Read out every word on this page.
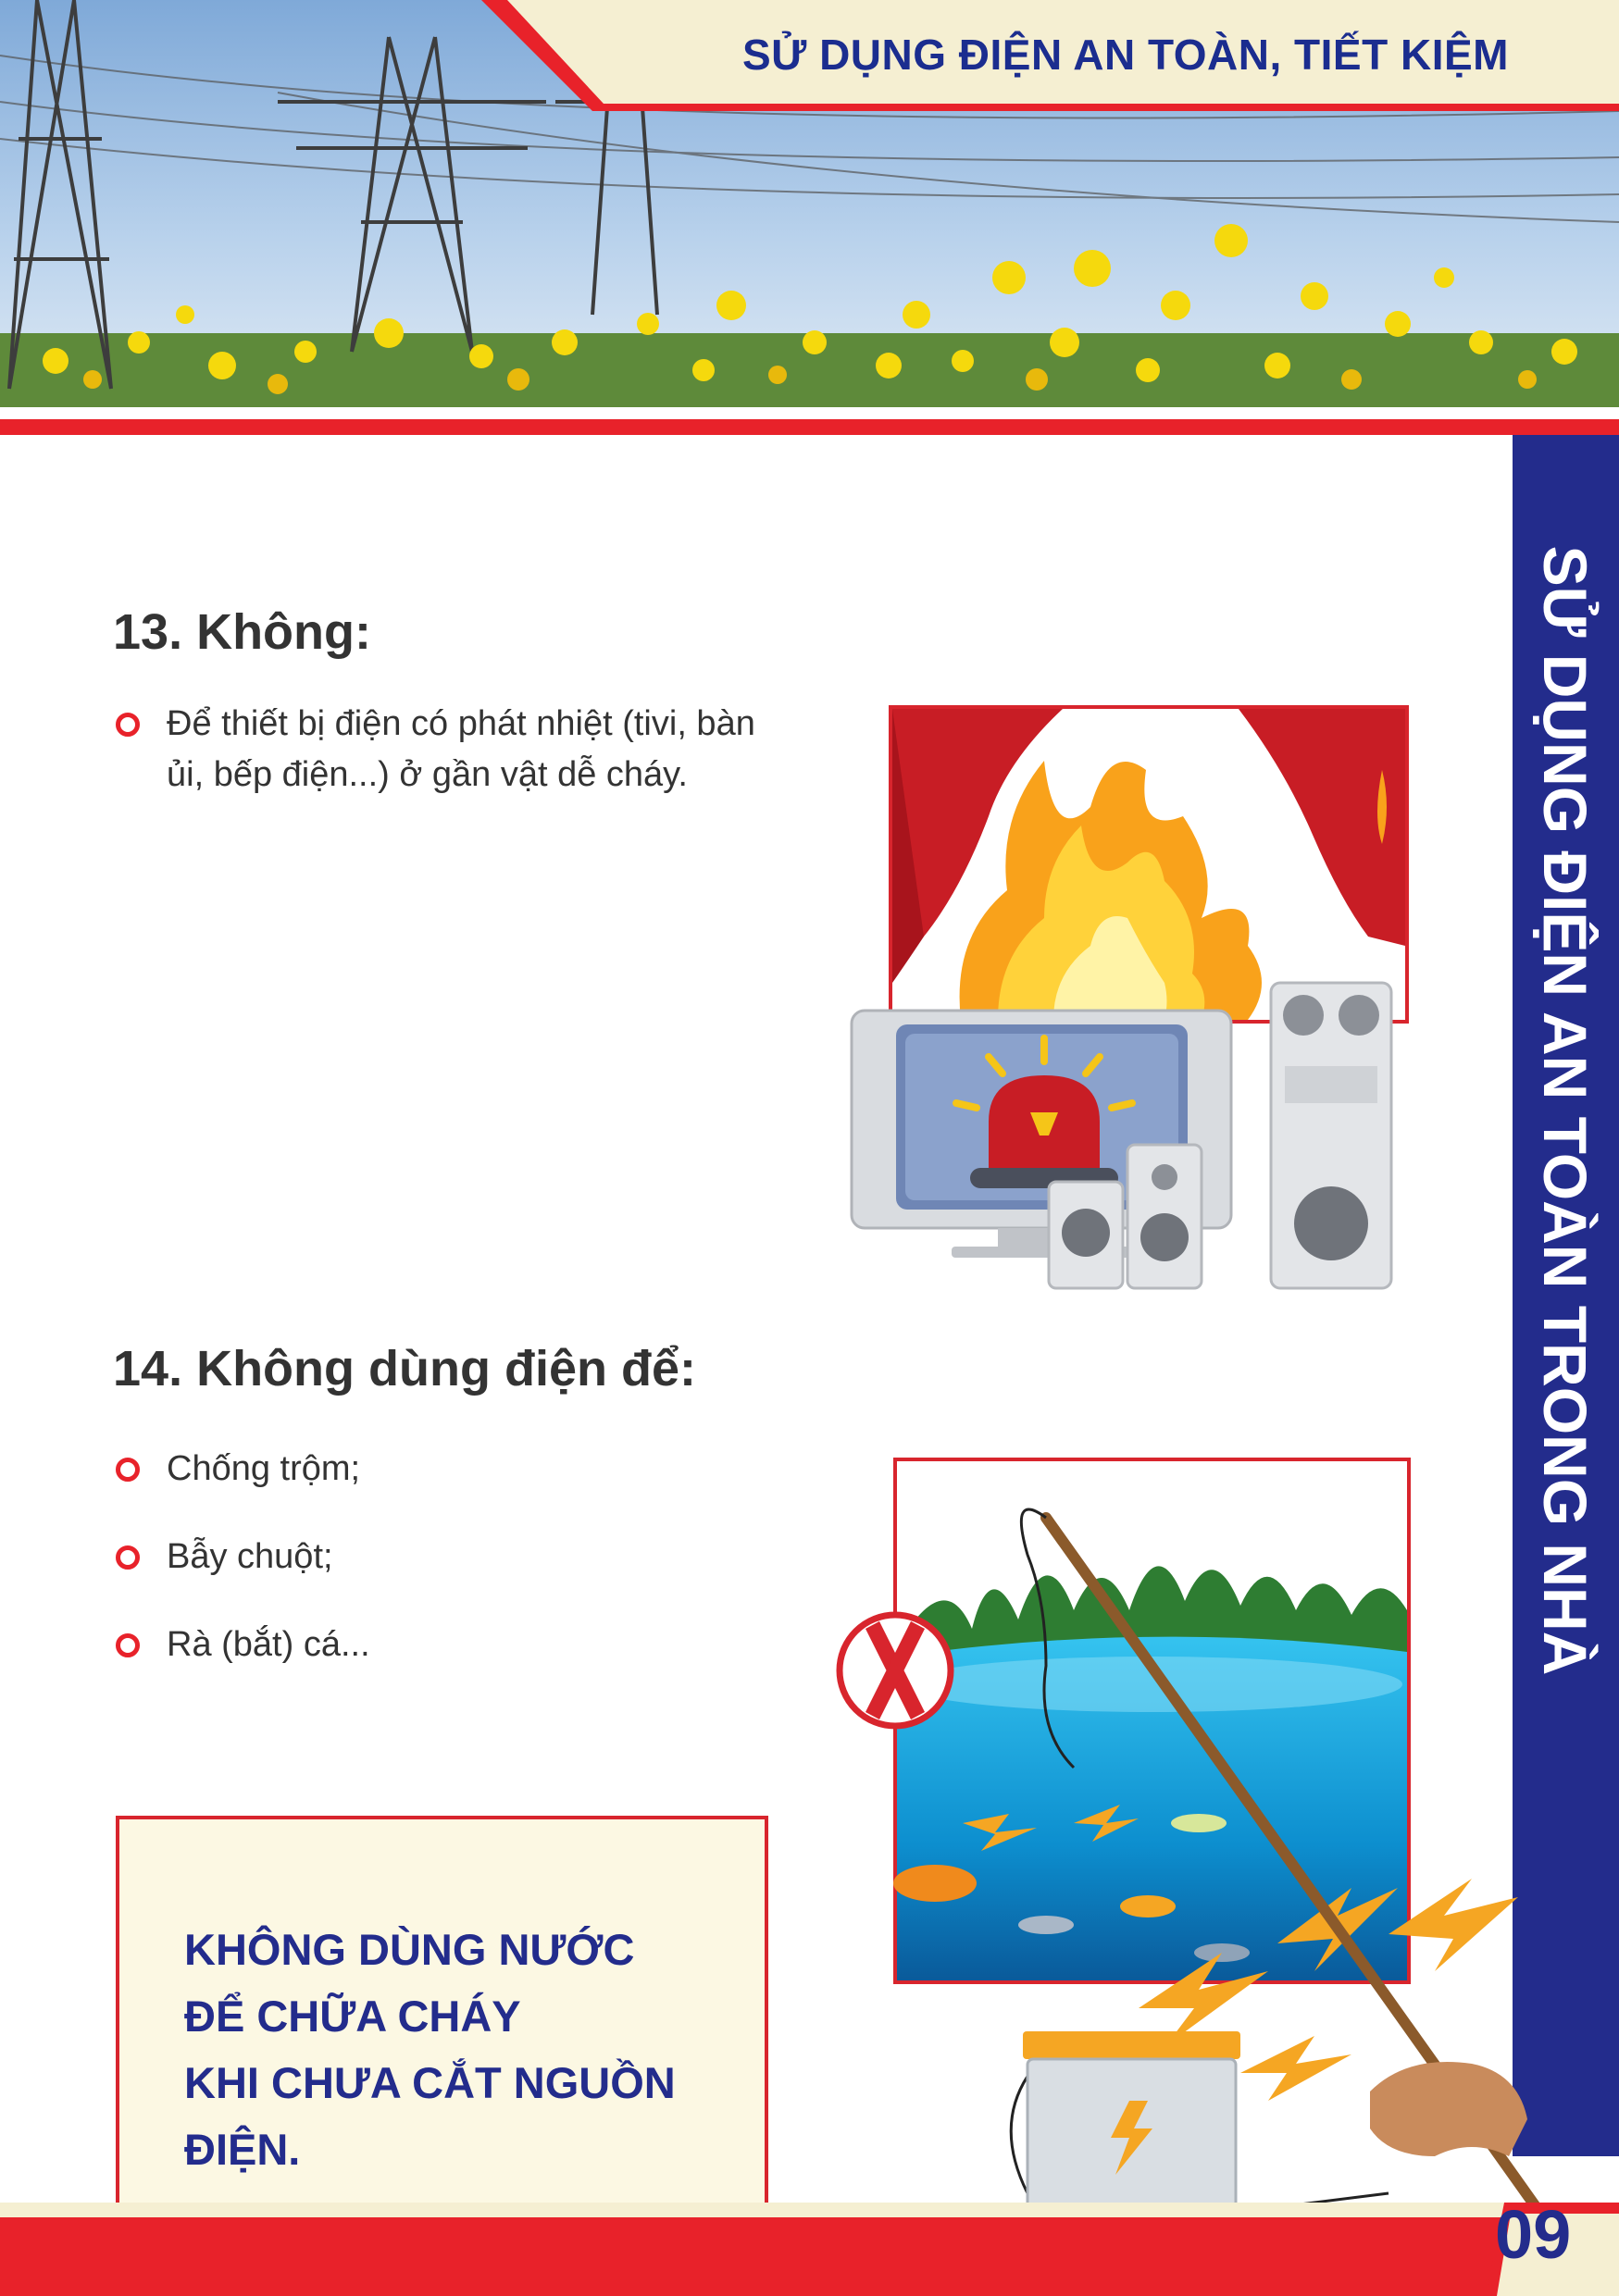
SỬ DỤNG ĐIỆN AN TOÀN, TIẾT KIỆM
SỬ DỤNG ĐIỆN AN TOÀN TRONG NHÀ
13. Không:
Để thiết bị điện có phát nhiệt (tivi, bàn
ủi, bếp điện...) ở gần vật dễ cháy.
14. Không dùng điện để:
Chống trộm;
Bẫy chuột;
Rà (bắt) cá...
KHÔNG DÙNG NƯỚC
ĐỂ CHỮA CHÁY
KHI CHƯA CẮT NGUỒN ĐIỆN.
09
